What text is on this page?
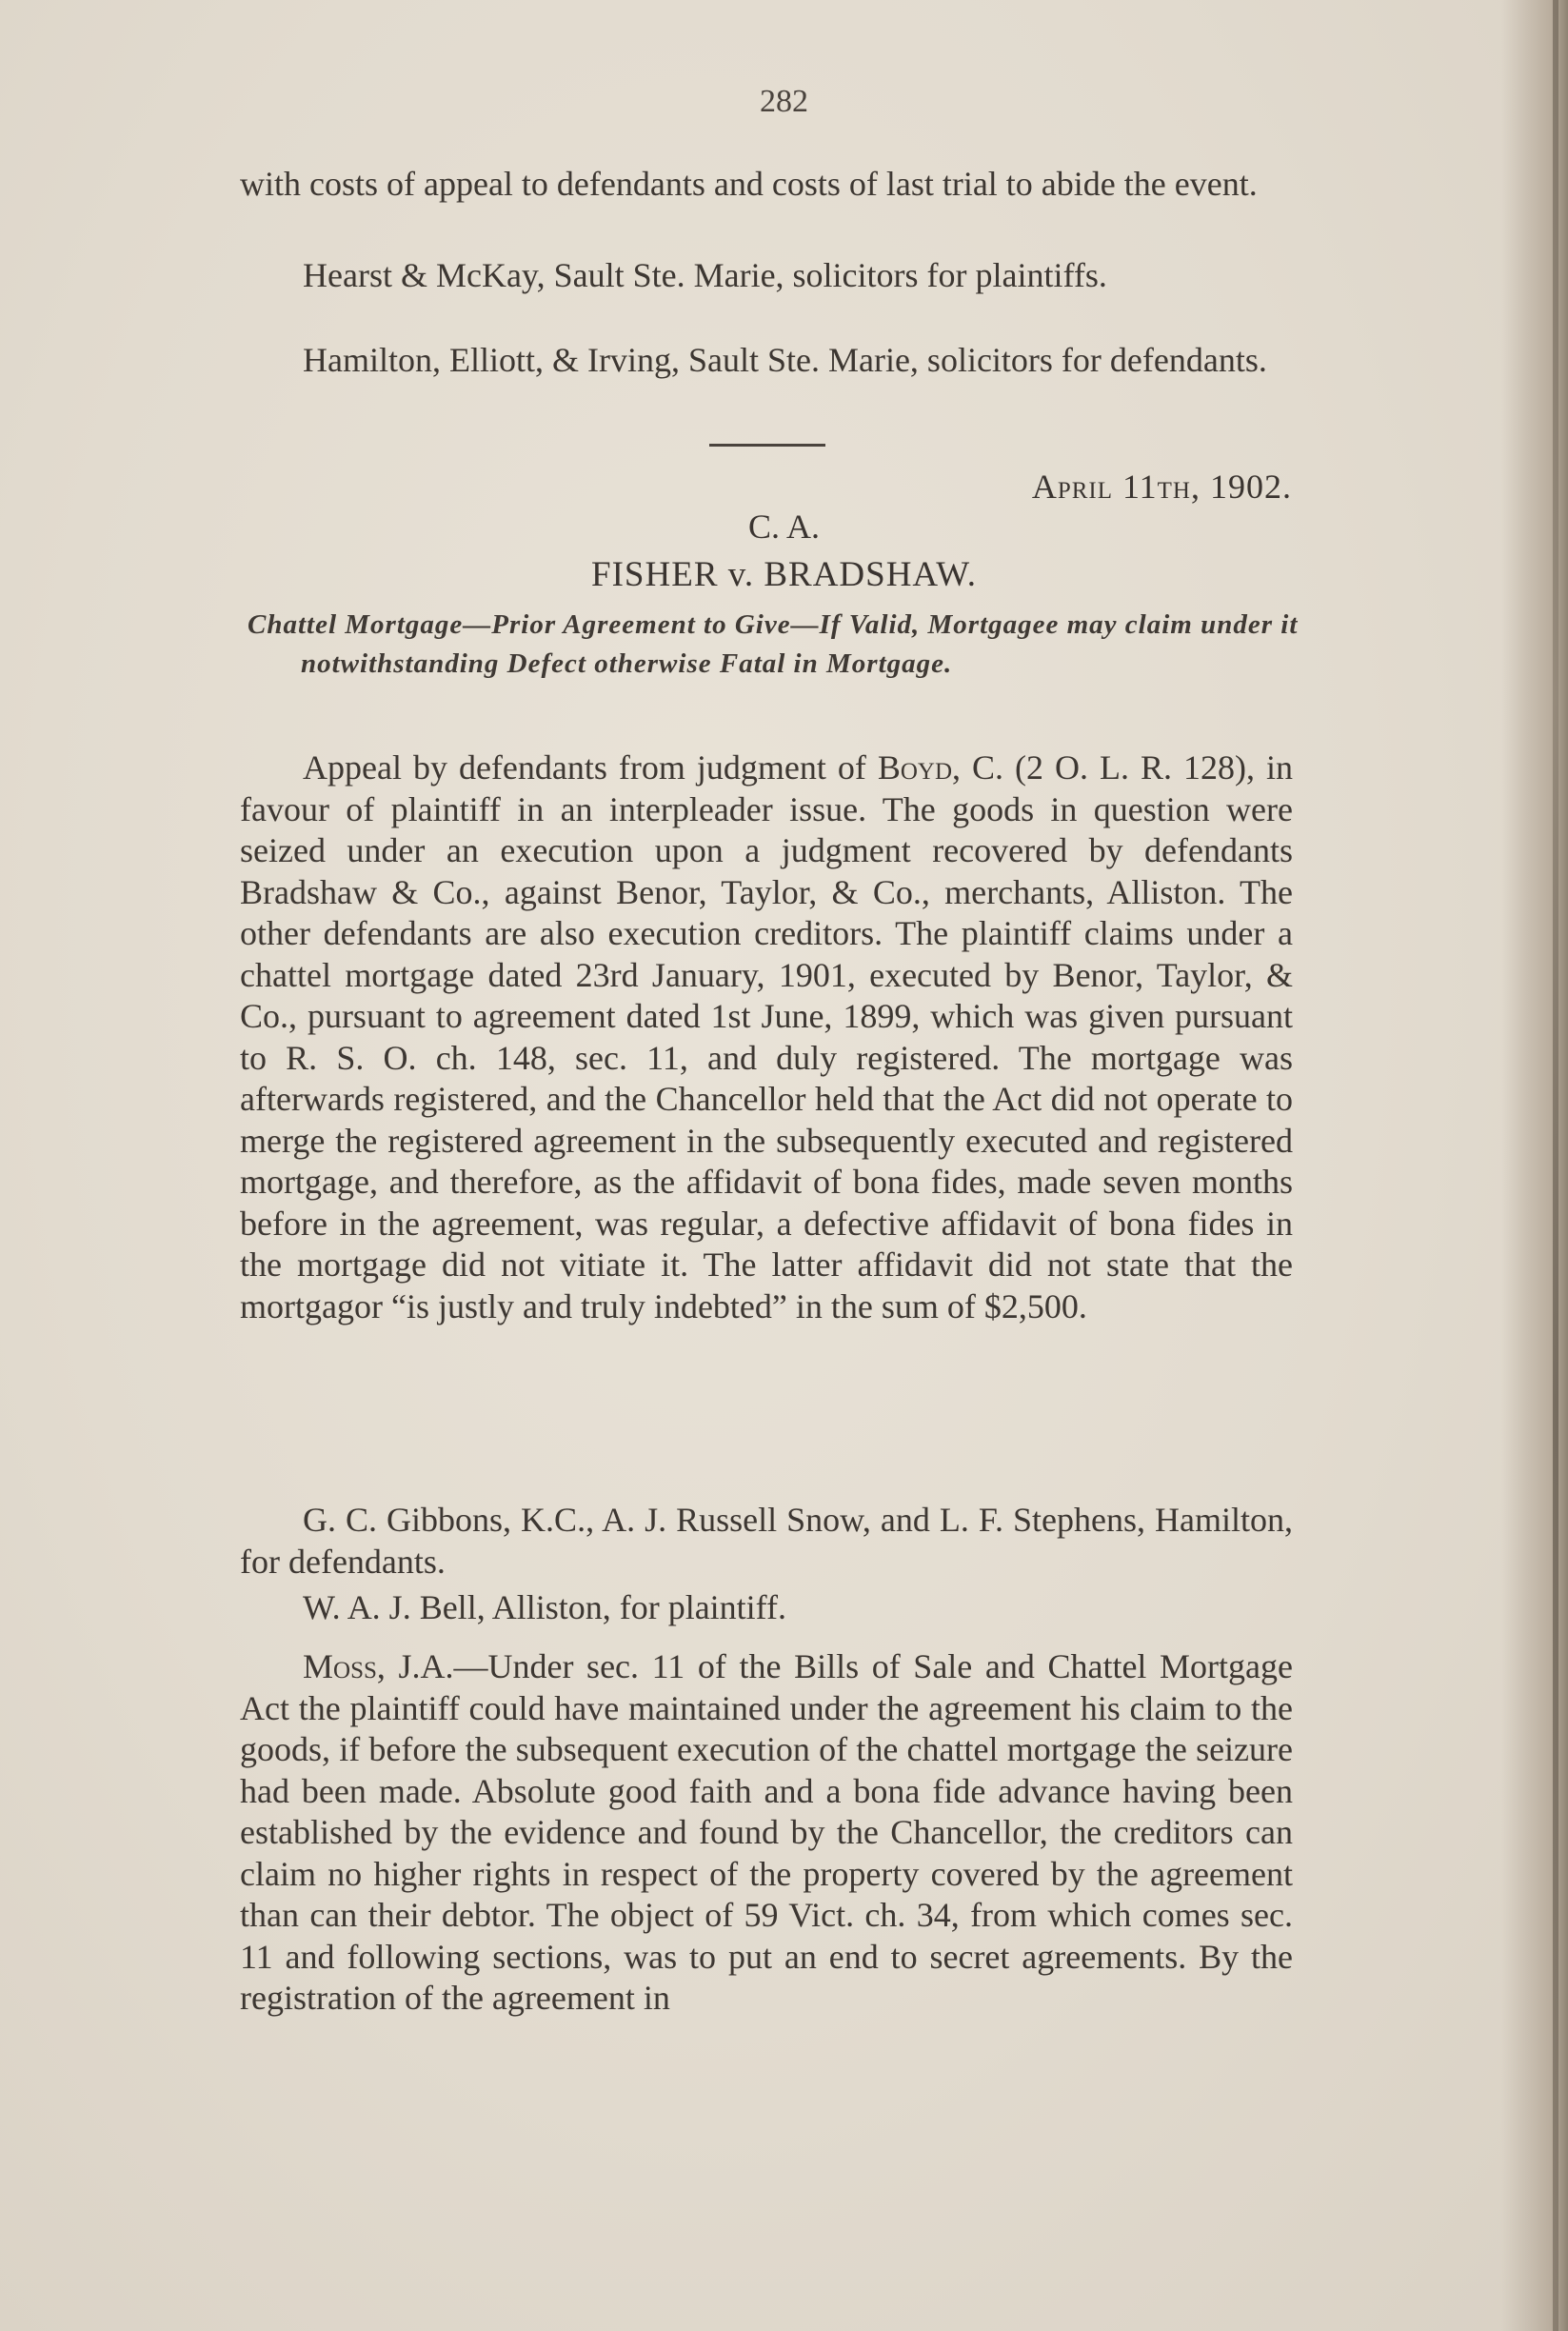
282
with costs of appeal to defendants and costs of last trial to abide the event.
Hearst & McKay, Sault Ste. Marie, solicitors for plaintiffs.
Hamilton, Elliott, & Irving, Sault Ste. Marie, solicitors for defendants.
April 11th, 1902.
C. A.
FISHER v. BRADSHAW.
Chattel Mortgage—Prior Agreement to Give—If Valid, Mortgagee may claim under it notwithstanding Defect otherwise Fatal in Mortgage.
Appeal by defendants from judgment of Boyd, C. (2 O. L. R. 128), in favour of plaintiff in an interpleader issue. The goods in question were seized under an execution upon a judgment recovered by defendants Bradshaw & Co., against Benor, Taylor, & Co., merchants, Alliston. The other defendants are also execution creditors. The plaintiff claims under a chattel mortgage dated 23rd January, 1901, executed by Benor, Taylor, & Co., pursuant to agreement dated 1st June, 1899, which was given pursuant to R. S. O. ch. 148, sec. 11, and duly registered. The mortgage was afterwards registered, and the Chancellor held that the Act did not operate to merge the registered agreement in the subsequently executed and registered mortgage, and therefore, as the affidavit of bona fides, made seven months before in the agreement, was regular, a defective affidavit of bona fides in the mortgage did not vitiate it. The latter affidavit did not state that the mortgagor “is justly and truly indebted” in the sum of $2,500.
G. C. Gibbons, K.C., A. J. Russell Snow, and L. F. Stephens, Hamilton, for defendants.
W. A. J. Bell, Alliston, for plaintiff.
Moss, J.A.—Under sec. 11 of the Bills of Sale and Chattel Mortgage Act the plaintiff could have maintained under the agreement his claim to the goods, if before the subsequent execution of the chattel mortgage the seizure had been made. Absolute good faith and a bona fide advance having been established by the evidence and found by the Chancellor, the creditors can claim no higher rights in respect of the property covered by the agreement than can their debtor. The object of 59 Vict. ch. 34, from which comes sec. 11 and following sections, was to put an end to secret agreements. By the registration of the agreement in
